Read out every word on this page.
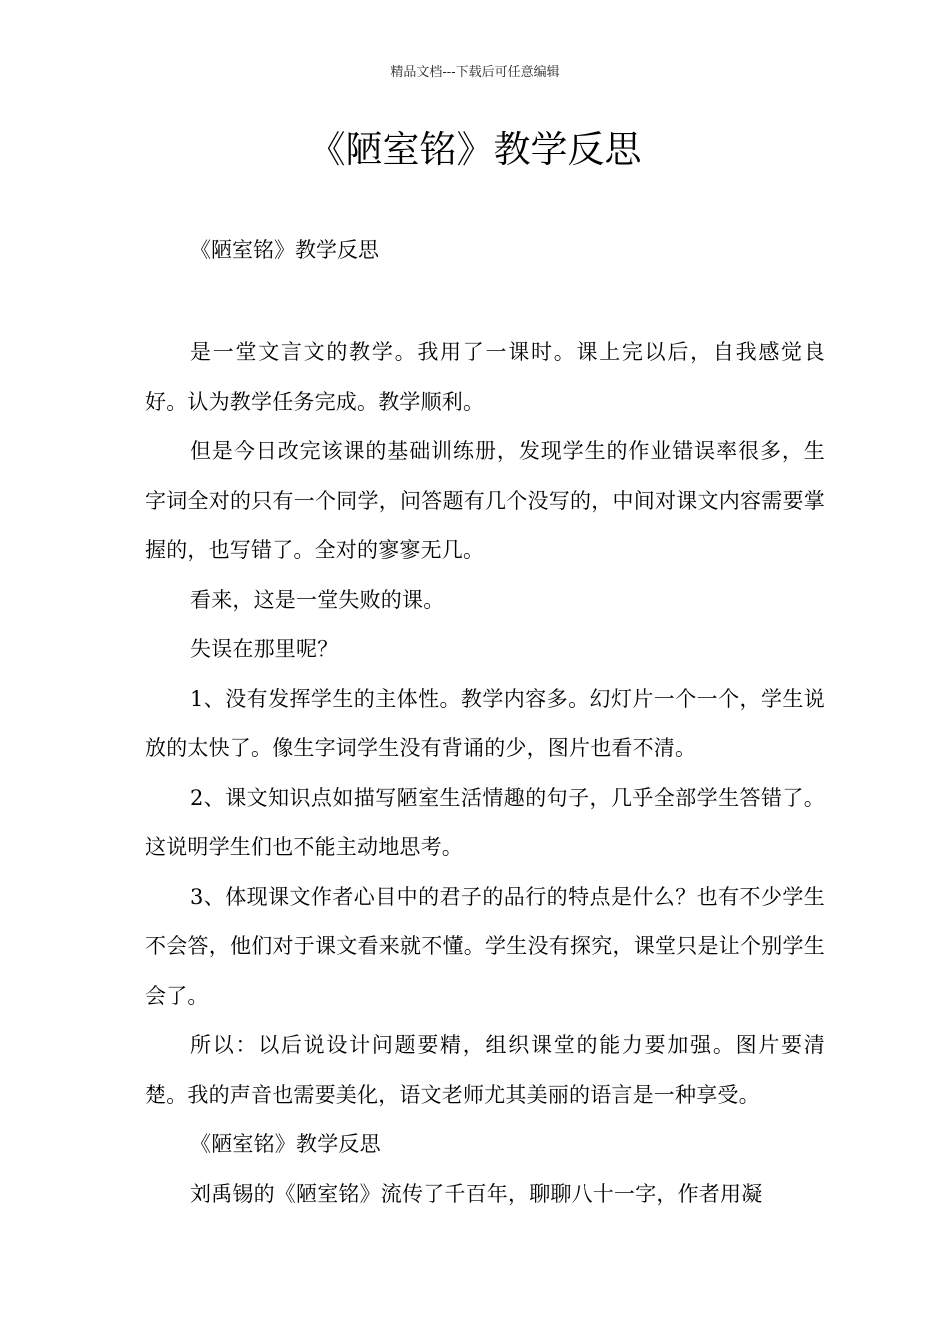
精品文档---下载后可任意编辑
《陋室铭》教学反思
《陋室铭》教学反思

是一堂文言文的教学。我用了一课时。课上完以后，自我感觉良好。认为教学任务完成。教学顺利。

但是今日改完该课的基础训练册，发现学生的作业错误率很多，生字词全对的只有一个同学，问答题有几个没写的，中间对课文内容需要掌握的，也写错了。全对的寥寥无几。

看来，这是一堂失败的课。

失误在那里呢？

1、没有发挥学生的主体性。教学内容多。幻灯片一个一个，学生说放的太快了。像生字词学生没有背诵的少，图片也看不清。

2、课文知识点如描写陋室生活情趣的句子，几乎全部学生答错了。这说明学生们也不能主动地思考。

3、体现课文作者心目中的君子的品行的特点是什么？也有不少学生不会答，他们对于课文看来就不懂。学生没有探究，课堂只是让个别学生会了。

所以：以后说设计问题要精，组织课堂的能力要加强。图片要清楚。我的声音也需要美化，语文老师尤其美丽的语言是一种享受。

《陋室铭》教学反思

刘禹锡的《陋室铭》流传了千百年，聊聊八十一字，作者用凝
